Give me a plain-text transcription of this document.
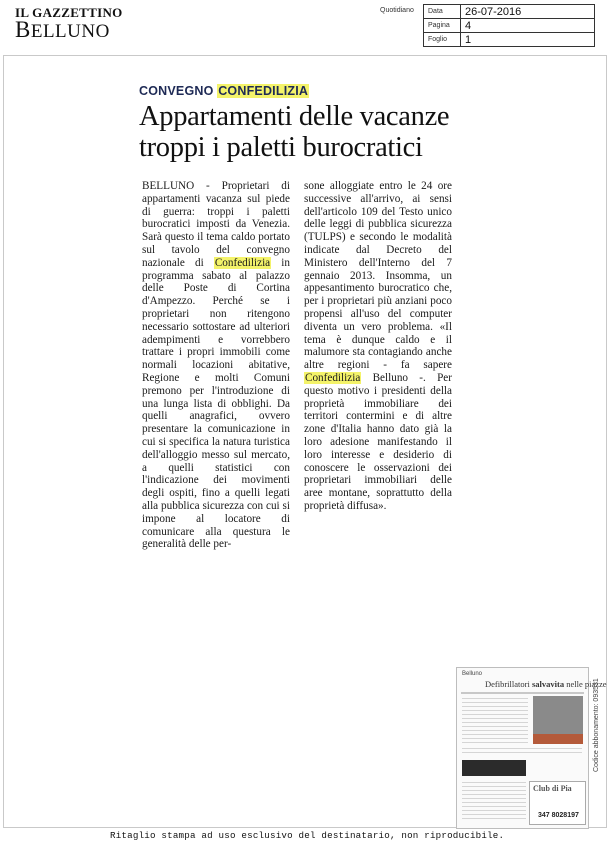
IL GAZZETTINO
BELLUNO
Quotidiano Data	26-07-2016
Pagina	4
Foglio	1
CONVEGNO CONFEDILIZIA
Appartamenti delle vacanze
troppi i paletti burocratici
BELLUNO - Proprietari di appartamenti vacanza sul piede di guerra: troppi i paletti burocratici imposti da Venezia. Sarà questo il tema caldo portato sul tavolo del convegno nazionale di Confedilizia in programma sabato al palazzo delle Poste di Cortina d'Ampezzo. Perché se i proprietari non ritengono necessario sottostare ad ulteriori adempimenti e vorrebbero trattare i propri immobili come normali locazioni abitative, Regione e molti Comuni premono per l'introduzione di una lunga lista di obblighi. Da quelli anagrafici, ovvero presentare la comunicazione in cui si specifica la natura turistica dell'alloggio messo sul mercato, a quelli statistici con l'indicazione dei movimenti degli ospiti, fino a quelli legati alla pubblica sicurezza con cui si impone al locatore di comunicare alla questura le generalità delle per-
sone alloggiate entro le 24 ore successive all'arrivo, ai sensi dell'articolo 109 del Testo unico delle leggi di pubblica sicurezza (TULPS) e secondo le modalità indicate dal Decreto del Ministero dell'Interno del 7 gennaio 2013. Insomma, un appesantimento burocratico che, per i proprietari più anziani poco propensi all'uso del computer diventa un vero problema. «Il tema è dunque caldo e il malumore sta contagiando anche altre regioni - fa sapere Confedilizia Belluno -. Per questo motivo i presidenti della proprietà immobiliare dei territori contermini e di altre zone d'Italia hanno dato già la loro adesione manifestando il loro interesse e desiderio di conoscere le osservazioni dei proprietari immobiliari delle aree montane, soprattutto della proprietà diffusa».
Belluno
Defibrillatori salvavita nelle piazze
Club di Pia
347 8028197
Codice abbonamento: 093531
Ritaglio stampa ad uso esclusivo del destinatario, non riproducibile.
